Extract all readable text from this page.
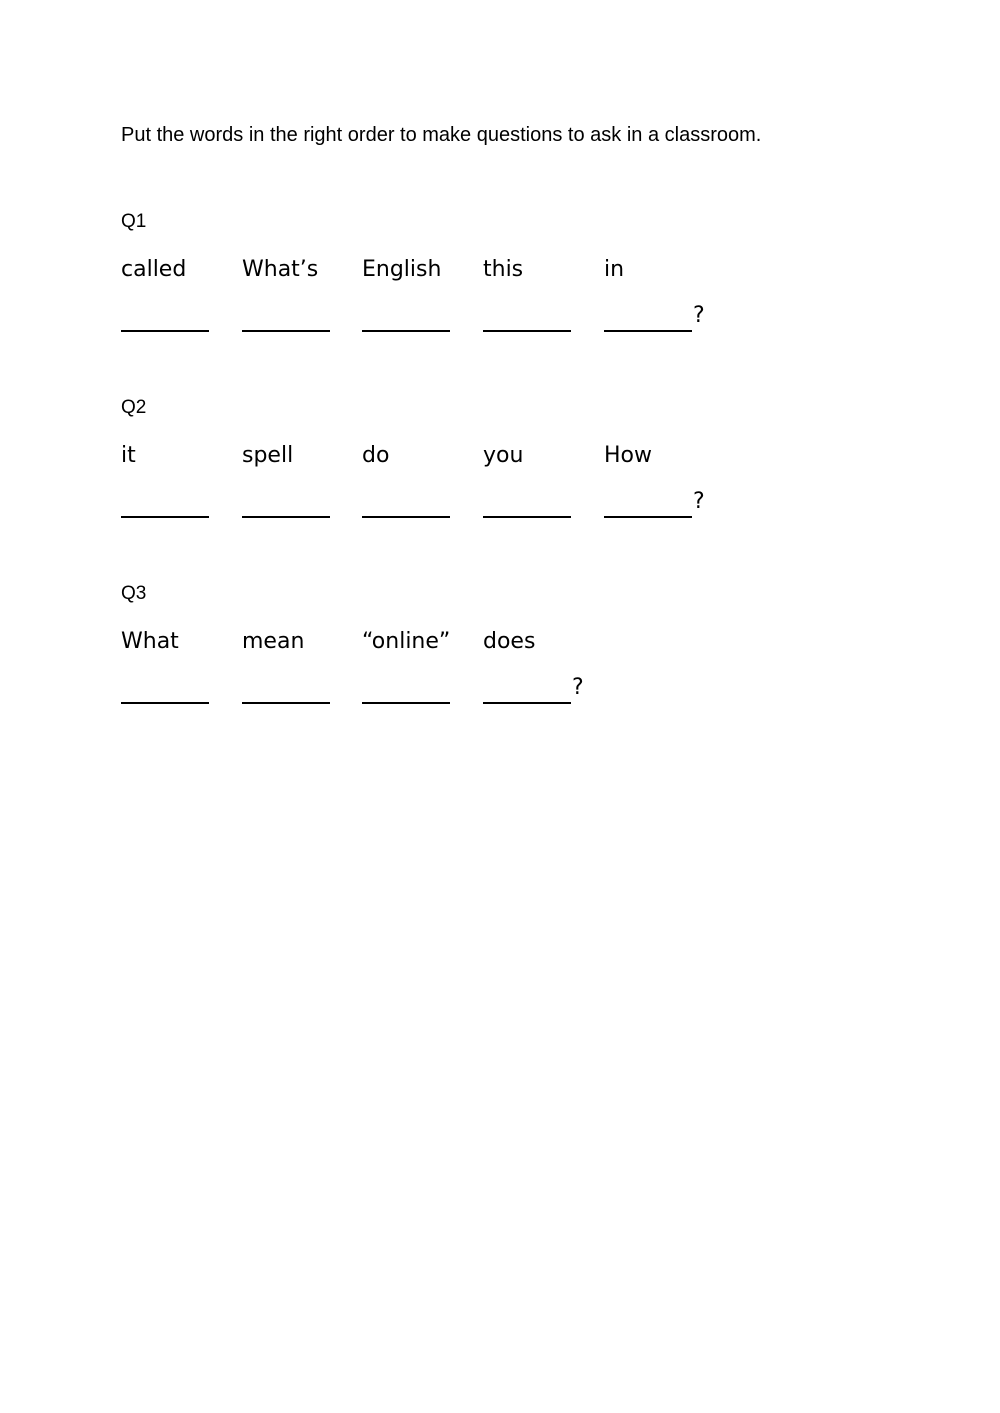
Put the words in the right order to make questions to ask in a classroom.
Q1
called	What’s English this	in
?
Q2
it	spell	do	you	How
?
Q3
What	mean	“online” does
?
